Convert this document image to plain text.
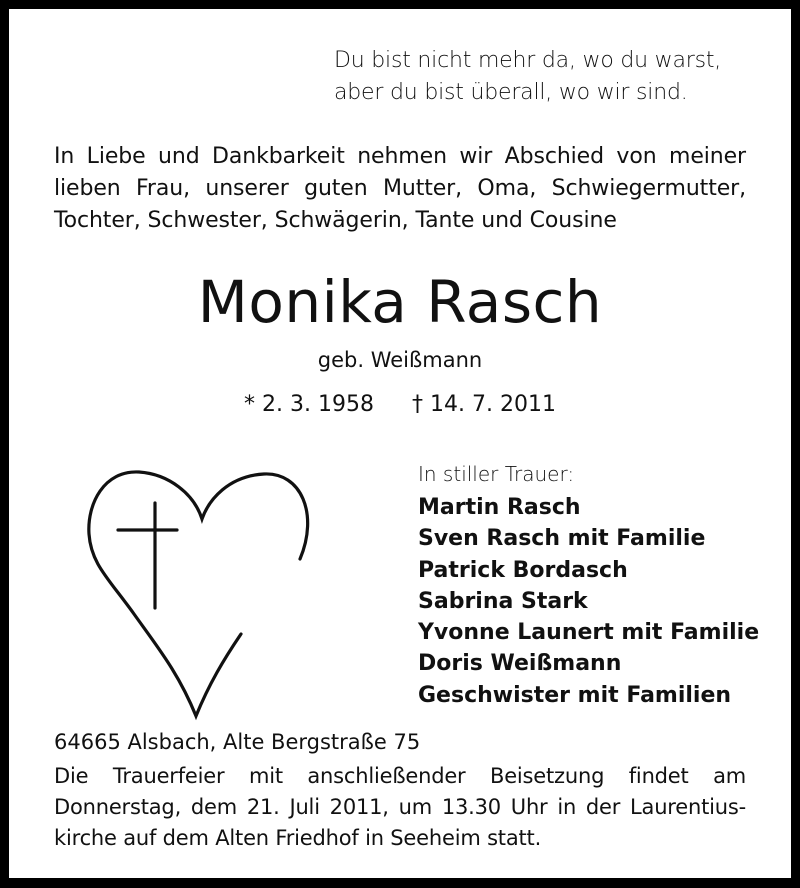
Du bist nicht mehr da, wo du warst,
aber du bist überall, wo wir sind.
In Liebe und Dankbarkeit nehmen wir Abschied von meiner
lieben Frau, unserer guten Mutter, Oma, Schwiegermutter,
Tochter, Schwester, Schwägerin, Tante und Cousine
Monika Rasch
geb. Weißmann
* 2. 3. 1958 † 14. 7. 2011
In stiller Trauer:
Martin Rasch
Sven Rasch mit Familie
Patrick Bordasch
Sabrina Stark
Yvonne Launert mit Familie
Doris Weißmann
Geschwister mit Familien
64665 Alsbach, Alte Bergstraße 75
Die Trauerfeier mit anschließender Beisetzung findet am
Donnerstag, dem 21. Juli 2011, um 13.30 Uhr in der Laurentius-
kirche auf dem Alten Friedhof in Seeheim statt.
